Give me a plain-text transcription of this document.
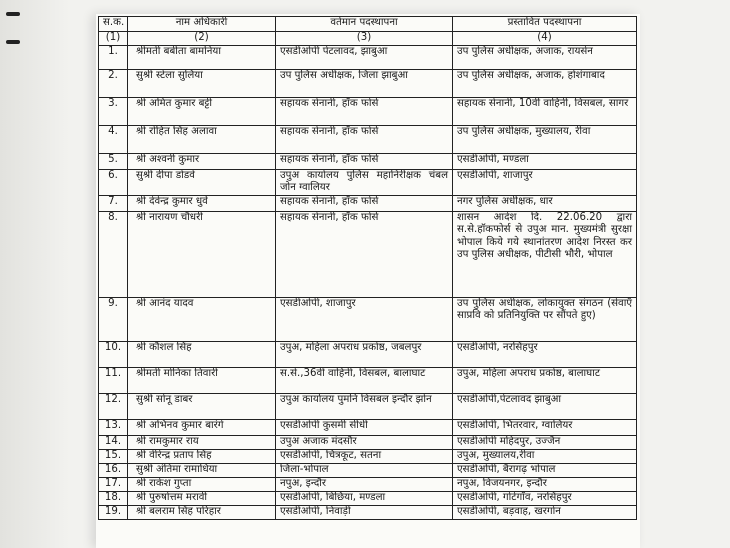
स.क.	नाम अधिकारी	वर्तमान पदस्थापना	प्रस्तावित पदस्थापना
(1)	(2)	(3)	(4)
1.	श्रीमती बबीता बामनिया	एसडीओपी पेटलावद, झाबुआ	उप पुलिस अधीक्षक, अजाक, रायसेन
2.	सुश्री स्टेला सुलिया	उप पुलिस अधीक्षक, जिला झाबुआ	उप पुलिस अधीक्षक, अजाक, होशंगाबाद
3.	श्री अमित कुमार बट्टी	सहायक सेनानी, हॉक फोर्स	सहायक सेनानी, 10वीं वाहिनी, विसबल, सागर
4.	श्री रोहित सिंह अलावा	सहायक सेनानी, हॉक फोर्स	उप पुलिस अधीक्षक, मुख्यालय, रीवा
5.	श्री अश्वनी कुमार	सहायक सेनानी, हॉक फोर्स	एसडीओपी, मण्डला
6.	सुश्री दीपा डोडवे	उपुअ कार्यालय पुलिस महानिरीक्षक चंबल जोन ग्वालियर	एसडीओपी, शाजापुर
7.	श्री देवेन्द्र कुमार धुर्वे	सहायक सेनानी, हॉक फोर्स	नगर पुलिस अधीक्षक, धार
8.	श्री नारायण चौधरी	सहायक सेनानी, हॉक फोर्स	शासन आदेश दि. 22.06.20 द्वारा स.से.हॉकफोर्स से उपुअ मान. मुख्यमंत्री सुरक्षा भोपाल किये गये स्थानांतरण आदेश निरस्त कर उप पुलिस अधीक्षक, पीटीसी भौरी, भोपाल
9.	श्री आनंद यादव	एसडीओपी, शाजापुर	उप पुलिस अधीक्षक, लोकायुक्त संगठन (सेवाएँ साप्रवि को प्रतिनियुक्ति पर सौंपते हुए)
10.	श्री कौशल सिंह	उपुअ, महिला अपराध प्रकोष्ठ, जबलपुर	एसडीओपी, नरसिंहपुर
11.	श्रीमती मोनिका तिवारी	स.से.,36वीं वाहिनी, विसबल, बालाघाट	उपुअ, महिला अपराध प्रकोष्ठ, बालाघाट
12.	सुश्री सोनू डाबर	उपुअ कार्यालय पुमनि विसबल इन्दौर झोन	एसडीओपी,पेटलावद झाबुआ
13.	श्री अभिनव कुमार बारंगे	एसडीओपी कुसमी सीधी	एसडीओपी, भितरवार, ग्वालियर
14.	श्री रामकुमार राय	उपुअ अजाक मंदसौर	एसडीओपी महिदपुर, उज्जैन
15.	श्री वीरेन्द्र प्रताप सिंह	एसडीओपी, चित्रकूट, सतना	उपुअ, मुख्यालय,रीवा
16.	सुश्री अंतिमा रामाधिया	जिला-भोपाल	एसडीओपी, बैरागढ़ भोपाल
17.	श्री राकेश गुप्ता	नपुअ, इन्दौर	नपुअ, विजयनगर, इन्दौर
18.	श्री पुरुषोत्तम मरावी	एसडीओपी, बिछिया, मण्डला	एसडीओपी, गोटेगाँव, नरसिंहपुर
19.	श्री बलराम सिंह परिहार	एसडीओपी, निवाड़ी	एसडीओपी, बड़वाह, खरगोन
